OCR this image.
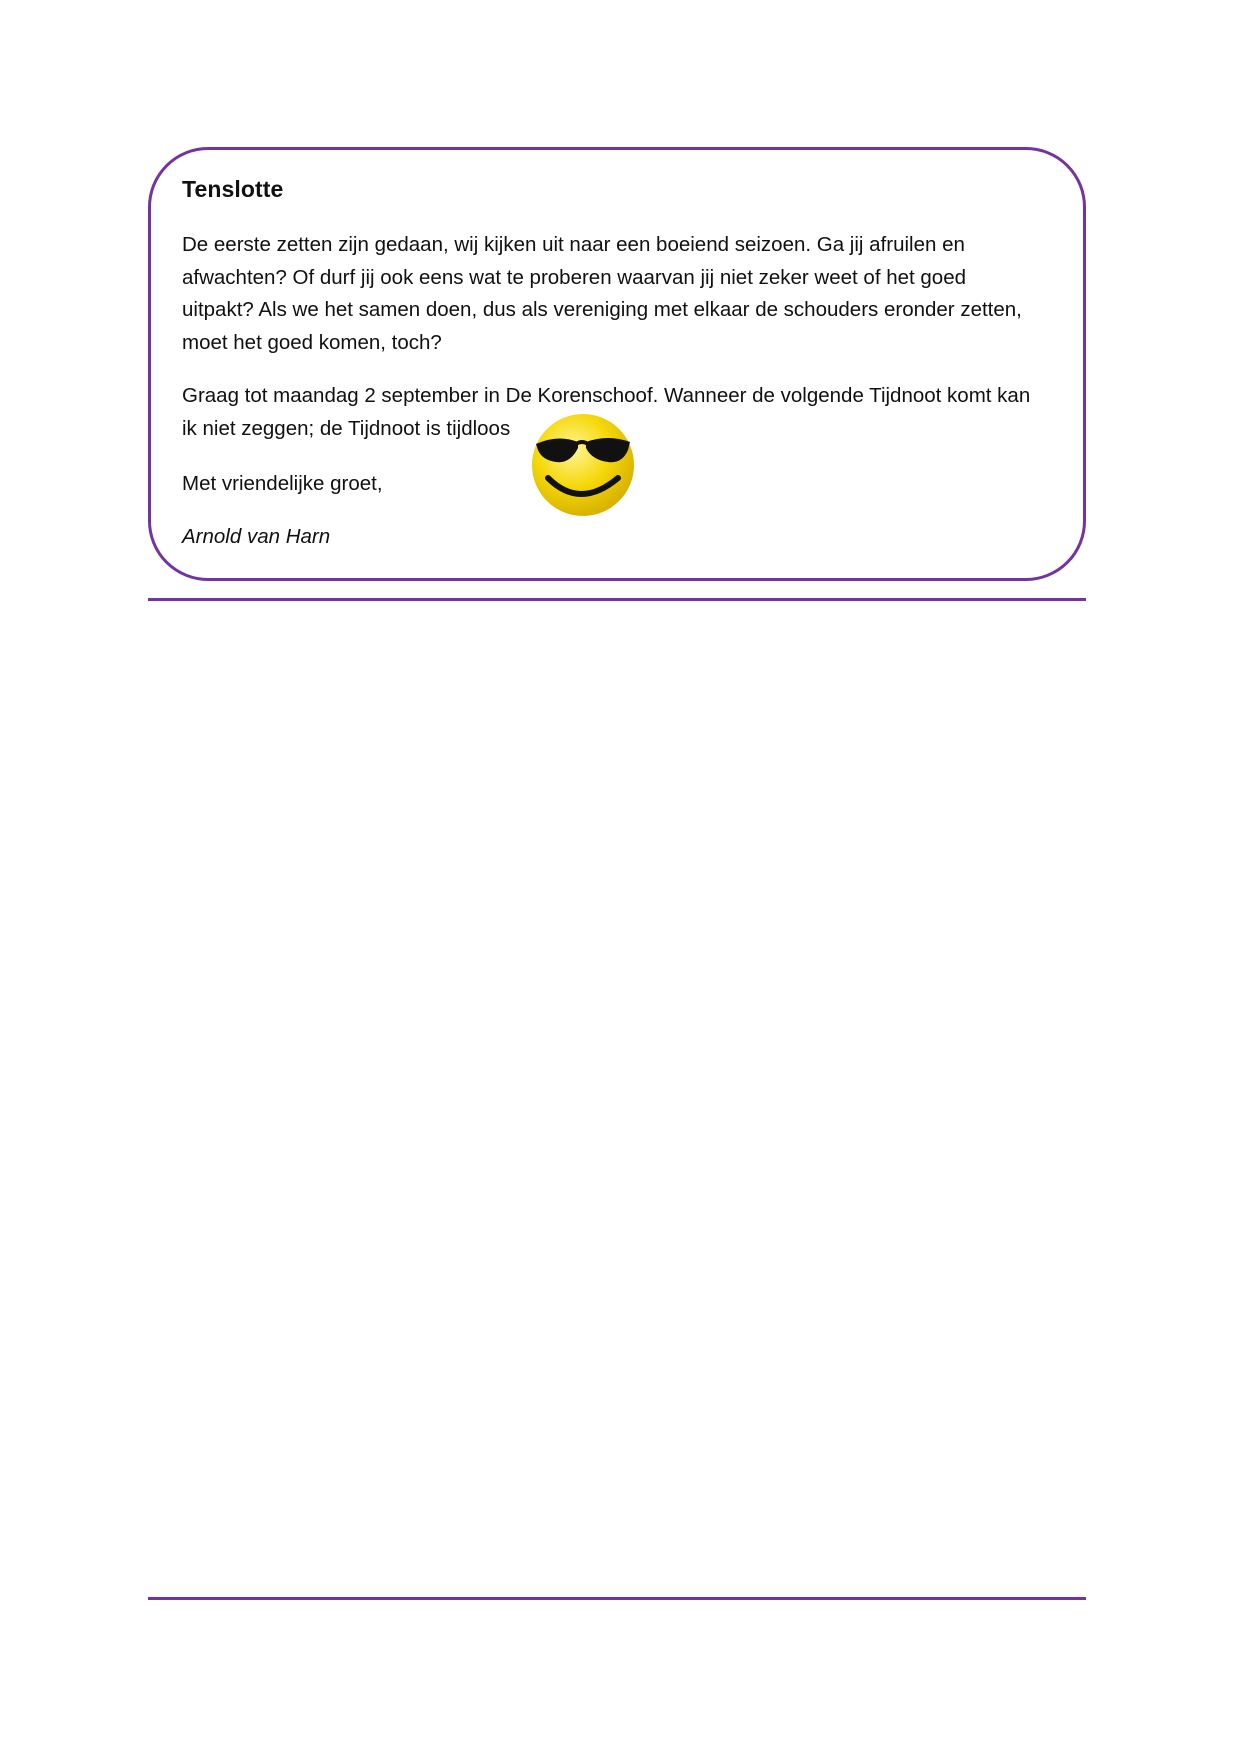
Tenslotte

De eerste zetten zijn gedaan, wij kijken uit naar een boeiend seizoen. Ga jij afruilen en
afwachten? Of durf jij ook eens wat te proberen waarvan jij niet zeker weet of het goed
uitpakt? Als we het samen doen, dus als vereniging met elkaar de schouders eronder zetten,
moet het goed komen, toch?

Graag tot maandag 2 september in De Korenschoof. Wanneer de volgende Tijdnoot komt kan
ik niet zeggen; de Tijdnoot is tijdloos

Met vriendelijke groet,

Arnold van Harn
